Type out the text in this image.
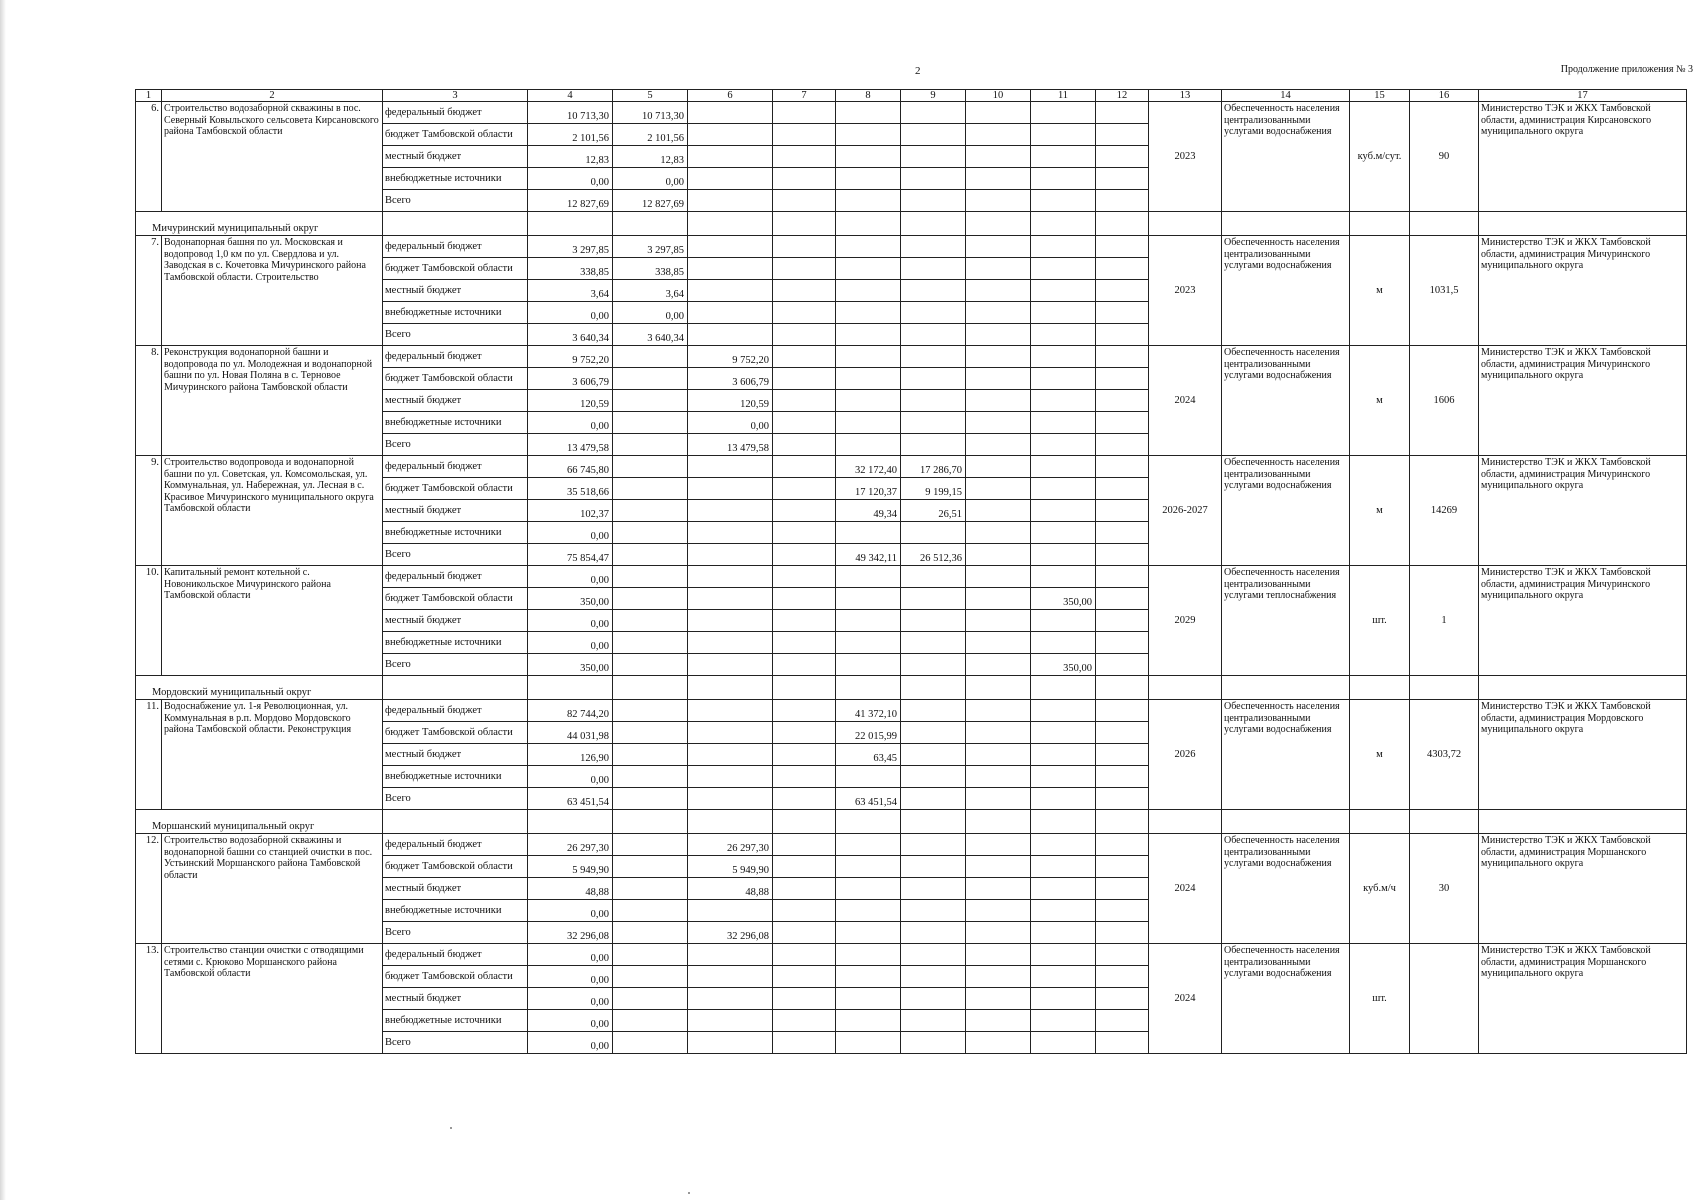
2	Продолжение приложения № 3
1	2	3	4	5	6	7	8	9	10	11	12	13	14	15	16	17
6.	Строительство водозаборной скважины в пос. Северный Ковыльского сельсовета Кирсановского района Тамбовской области	федеральный бюджет	10 713,30	10 713,30								2023	Обеспеченность населения централизованными услугами водоснабжения	куб.м/сут.	90	Министерство ТЭК и ЖКХ Тамбовской области, администрация Кирсановского муниципального округа
		бюджет Тамбовской области	2 101,56	2 101,56												
		местный бюджет	12,83	12,83												
		внебюджетные источники	0,00	0,00												
		Всего	12 827,69	12 827,69												
Мичуринский муниципальный округ																
7.	Водонапорная башня по ул. Московская и водопровод 1,0 км по ул. Свердлова и ул. Заводская в с. Кочетовка Мичуринского района Тамбовской области. Строительство	федеральный бюджет	3 297,85	3 297,85								2023	Обеспеченность населения централизованными услугами водоснабжения	м	1031,5	Министерство ТЭК и ЖКХ Тамбовской области, администрация Мичуринского муниципального округа
		бюджет Тамбовской области	338,85	338,85												
		местный бюджет	3,64	3,64												
		внебюджетные источники	0,00	0,00												
		Всего	3 640,34	3 640,34												
8.	Реконструкция водонапорной башни и водопровода по ул. Молодежная и водонапорной башни по ул. Новая Поляна в с. Терновое Мичуринского района Тамбовской области	федеральный бюджет	9 752,20		9 752,20							2024	Обеспеченность населения централизованными услугами водоснабжения	м	1606	Министерство ТЭК и ЖКХ Тамбовской области, администрация Мичуринского муниципального округа
		бюджет Тамбовской области	3 606,79		3 606,79											
		местный бюджет	120,59		120,59											
		внебюджетные источники	0,00		0,00											
		Всего	13 479,58		13 479,58											
9.	Строительство водопровода и водонапорной башни по ул. Советская, ул. Комсомольская, ул. Коммунальная, ул. Набережная, ул. Лесная в с. Красивое Мичуринского муниципального округа Тамбовской области	федеральный бюджет	66 745,80				32 172,40	17 286,70				2026-2027	Обеспеченность населения централизованными услугами водоснабжения	м	14269	Министерство ТЭК и ЖКХ Тамбовской области, администрация Мичуринского муниципального округа
		бюджет Тамбовской области	35 518,66				17 120,37	9 199,15								
		местный бюджет	102,37				49,34	26,51								
		внебюджетные источники	0,00													
		Всего	75 854,47				49 342,11	26 512,36								
10.	Капитальный ремонт котельной с. Новоникольское Мичуринского района Тамбовской области	федеральный бюджет	0,00									2029	Обеспеченность населения централизованными услугами теплоснабжения	шт.	1	Министерство ТЭК и ЖКХ Тамбовской области, администрация Мичуринского муниципального округа
		бюджет Тамбовской области	350,00							350,00						
		местный бюджет	0,00													
		внебюджетные источники	0,00													
		Всего	350,00							350,00						
Мордовский муниципальный округ																
11.	Водоснабжение ул. 1-я Революционная, ул. Коммунальная в р.п. Мордово Мордовского района Тамбовской области. Реконструкция	федеральный бюджет	82 744,20				41 372,10					2026	Обеспеченность населения централизованными услугами водоснабжения	м	4303,72	Министерство ТЭК и ЖКХ Тамбовской области, администрация Мордовского муниципального округа
		бюджет Тамбовской области	44 031,98				22 015,99									
		местный бюджет	126,90				63,45									
		внебюджетные источники	0,00													
		Всего	63 451,54				63 451,54									
Моршанский муниципальный округ																
12.	Строительство водозаборной скважины и водонапорной башни со станцией очистки в пос. Устьинский Моршанского района Тамбовской области	федеральный бюджет	26 297,30		26 297,30							2024	Обеспеченность населения централизованными услугами водоснабжения	куб.м/ч	30	Министерство ТЭК и ЖКХ Тамбовской области, администрация Моршанского муниципального округа
		бюджет Тамбовской области	5 949,90		5 949,90											
		местный бюджет	48,88		48,88											
		внебюджетные источники	0,00													
		Всего	32 296,08		32 296,08											
13.	Строительство станции очистки с отводящими сетями с. Крюково Моршанского района Тамбовской области	федеральный бюджет	0,00									2024	Обеспеченность населения централизованными услугами водоснабжения	шт.		Министерство ТЭК и ЖКХ Тамбовской области, администрация Моршанского муниципального округа
		бюджет Тамбовской области	0,00													
		местный бюджет	0,00													
		внебюджетные источники	0,00													
		Всего	0,00													
